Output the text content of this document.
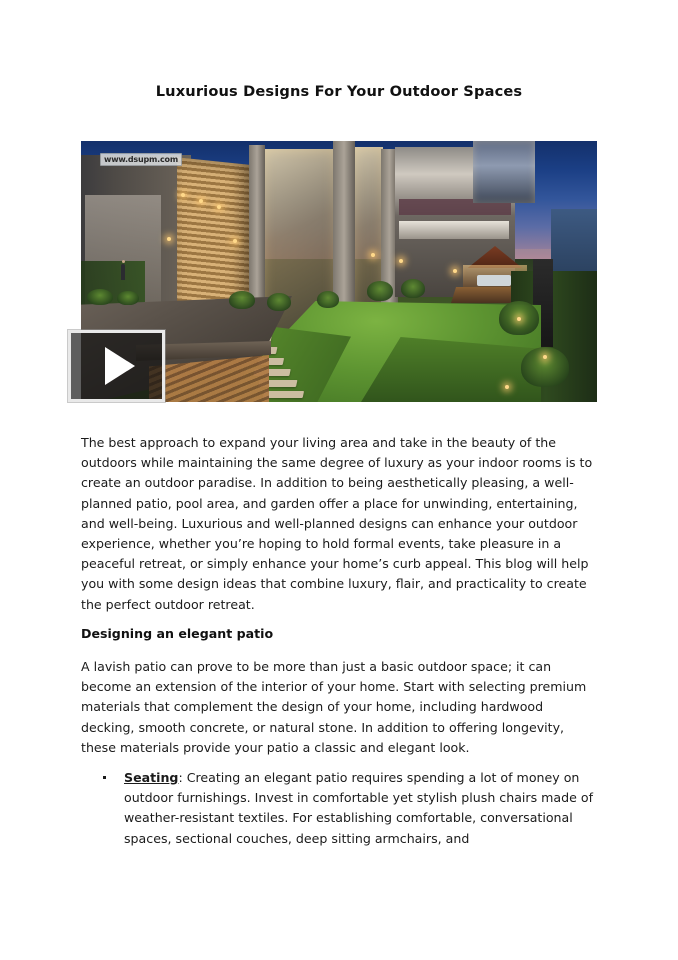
Luxurious Designs For Your Outdoor Spaces
www.dsupm.com
The best approach to expand your living area and take in the beauty of the outdoors while maintaining the same degree of luxury as your indoor rooms is to create an outdoor paradise. In addition to being aesthetically pleasing, a well-planned patio, pool area, and garden offer a place for unwinding, entertaining, and well-being. Luxurious and well-planned designs can enhance your outdoor experience, whether you’re hoping to hold formal events, take pleasure in a peaceful retreat, or simply enhance your home’s curb appeal. This blog will help you with some design ideas that combine luxury, flair, and practicality to create the perfect outdoor retreat.
Designing an elegant patio
A lavish patio can prove to be more than just a basic outdoor space; it can become an extension of the interior of your home. Start with selecting premium materials that complement the design of your home, including hardwood decking, smooth concrete, or natural stone. In addition to offering longevity, these materials provide your patio a classic and elegant look.
Seating: Creating an elegant patio requires spending a lot of money on outdoor furnishings. Invest in comfortable yet stylish plush chairs made of weather-resistant textiles. For establishing comfortable, conversational spaces, sectional couches, deep sitting armchairs, and
